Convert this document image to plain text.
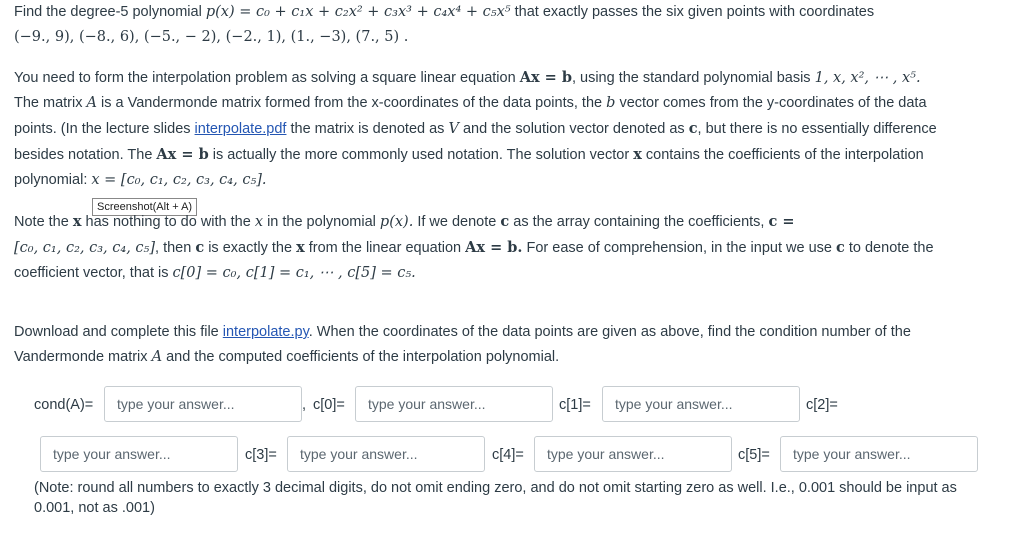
Find the degree-5 polynomial p(x) = c₀ + c₁x + c₂x² + c₃x³ + c₄x⁴ + c₅x⁵ that exactly passes the six given points with coordinates
(−9., 9), (−8., 6), (−5., − 2), (−2., 1), (1., −3), (7., 5) .
You need to form the interpolation problem as solving a square linear equation Ax = b, using the standard polynomial basis 1, x, x², ⋯ , x⁵.
The matrix A is a Vandermonde matrix formed from the x-coordinates of the data points, the b vector comes from the y-coordinates of the data
points. (In the lecture slides interpolate.pdf the matrix is denoted as V and the solution vector denoted as c, but there is no essentially difference
besides notation. The Ax = b is actually the more commonly used notation. The solution vector x contains the coefficients of the interpolation
polynomial: x = [c₀, c₁, c₂, c₃, c₄, c₅].
Screenshot(Alt + A)
Note the x has nothing to do with the x in the polynomial p(x). If we denote c as the array containing the coefficients, c =
[c₀, c₁, c₂, c₃, c₄, c₅], then c is exactly the x from the linear equation Ax = b. For ease of comprehension, in the input we use c to denote the
coefficient vector, that is c[0] = c₀, c[1] = c₁, ⋯ , c[5] = c₅.
Download and complete this file interpolate.py. When the coordinates of the data points are given as above, find the condition number of the
Vandermonde matrix A and the computed coefficients of the interpolation polynomial.
cond(A)=
type your answer...	, c[0]=
type your answer...	c[1]=
type your answer...	c[2]=
type your answer...
c[3]=
type your answer...	c[4]=
type your answer...	c[5]=
type your answer...
(Note: round all numbers to exactly 3 decimal digits, do not omit ending zero, and do not omit starting zero as well. I.e., 0.001 should be input as
0.001, not as .001)
